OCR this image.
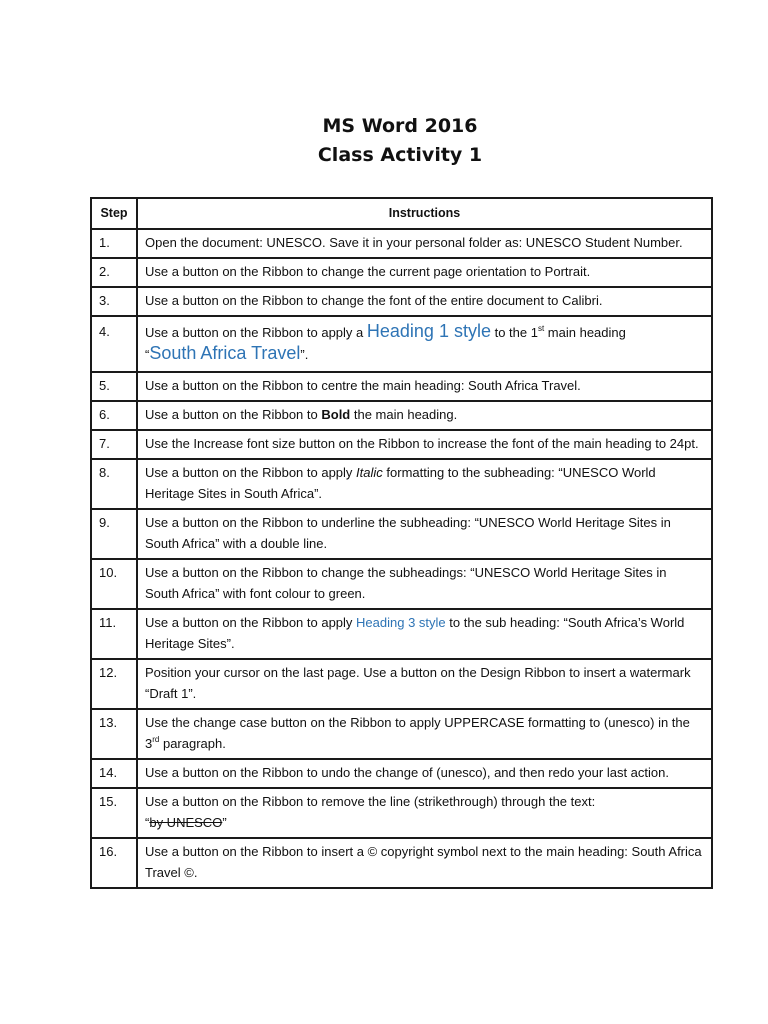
MS Word 2016
Class Activity 1
Step	Instructions
1.	Open the document: UNESCO. Save it in your personal folder as: UNESCO Student Number.
2.	Use a button on the Ribbon to change the current page orientation to Portrait.
3.	Use a button on the Ribbon to change the font of the entire document to Calibri.
4.	Use a button on the Ribbon to apply a Heading 1 style to the 1st main heading
“South Africa Travel”.
5.	Use a button on the Ribbon to centre the main heading: South Africa Travel.
6.	Use a button on the Ribbon to Bold the main heading.
7.	Use the Increase font size button on the Ribbon to increase the font of the main heading to 24pt.
8.	Use a button on the Ribbon to apply Italic formatting to the subheading: “UNESCO World Heritage Sites in South Africa”.
9.	Use a button on the Ribbon to underline the subheading: “UNESCO World Heritage Sites in South Africa” with a double line.
10.	Use a button on the Ribbon to change the subheadings: “UNESCO World Heritage Sites in South Africa” with font colour to green.
11.	Use a button on the Ribbon to apply Heading 3 style to the sub heading: “South Africa’s World Heritage Sites”.
12.	Position your cursor on the last page. Use a button on the Design Ribbon to insert a watermark “Draft 1”.
13.	Use the change case button on the Ribbon to apply UPPERCASE formatting to (unesco) in the 3rd paragraph.
14.	Use a button on the Ribbon to undo the change of (unesco), and then redo your last action.
15.	Use a button on the Ribbon to remove the line (strikethrough) through the text:
“by UNESCO”
16.	Use a button on the Ribbon to insert a © copyright symbol next to the main heading: South Africa Travel ©.
